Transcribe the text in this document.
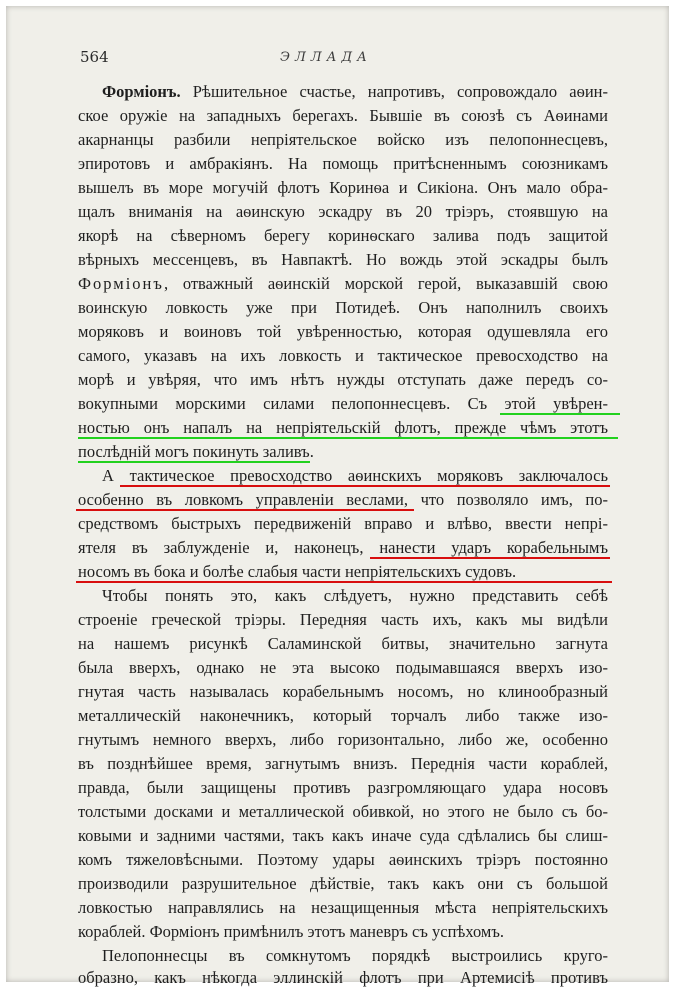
564	ЭЛЛАДА
Формiонъ. Рѣшительное счастье, напротивъ, сопровождало аѳин-
ское оружiе на западныхъ берегахъ. Бывшiе въ союзѣ съ Аѳинами
акарнанцы разбили непрiятельское войско изъ пелопоннесцевъ,
эпиротовъ и амбракiянъ. На помощь притѣсненнымъ союзникамъ
вышелъ въ море могучiй флотъ Коринѳа и Сикiона. Онъ мало обра-
щалъ вниманiя на аѳинскую эскадру въ 20 трiэръ, стоявшую на
якорѣ на сѣверномъ берегу коринѳскаго залива подъ защитой
вѣрныхъ мессенцевъ, въ Навпактѣ. Но вождь этой эскадры былъ
Формiонъ, отважный аѳинскiй морской герой, выказавшiй свою
воинскую ловкость уже при Потидеѣ. Онъ наполнилъ своихъ
моряковъ и воиновъ той увѣренностью, которая одушевляла его
самого, указавъ на ихъ ловкость и тактическое превосходство на
морѣ и увѣряя, что имъ нѣтъ нужды отступать даже передъ со-
вокупными морскими силами пелопоннесцевъ. Съ этой увѣрен-
ностью онъ напалъ на непрiятельскiй флотъ, прежде чѣмъ этотъ
послѣднiй могъ покинуть заливъ.
А тактическое превосходство аѳинскихъ моряковъ заключалось
особенно въ ловкомъ управленiи веслами, что позволяло имъ, по-
средствомъ быстрыхъ передвиженiй вправо и влѣво, ввести непрi-
ятеля въ заблужденiе и, наконецъ, нанести ударъ корабельнымъ
носомъ въ бока и болѣе слабыя части непрiятельскихъ судовъ.
Чтобы понять это, какъ слѣдуетъ, нужно представить себѣ
строенiе греческой трiэры. Передняя часть ихъ, какъ мы видѣли
на нашемъ рисункѣ Саламинской битвы, значительно загнута
была вверхъ, однако не эта высоко подымавшаяся вверхъ изо-
гнутая часть называлась корабельнымъ носомъ, но клинообразный
металлическiй наконечникъ, который торчалъ либо также изо-
гнутымъ немного вверхъ, либо горизонтально, либо же, особенно
въ позднѣйшее время, загнутымъ внизъ. Переднiя части кораблей,
правда, были защищены противъ разгромляющаго удара носовъ
толстыми досками и металлической обивкой, но этого не было съ бо-
ковыми и задними частями, такъ какъ иначе суда сдѣлались бы слиш-
комъ тяжеловѣсными. Поэтому удары аѳинскихъ трiэръ постоянно
производили разрушительное дѣйствiе, такъ какъ они съ большой
ловкостью направлялись на незащищенныя мѣста непрiятельскихъ
кораблей. Формiонъ примѣнилъ этотъ маневръ съ успѣхомъ.
Пелопоннесцы въ сомкнутомъ порядкѣ выстроились круго-
образно, какъ нѣкогда эллинскiй флотъ при Артемисiѣ противъ
